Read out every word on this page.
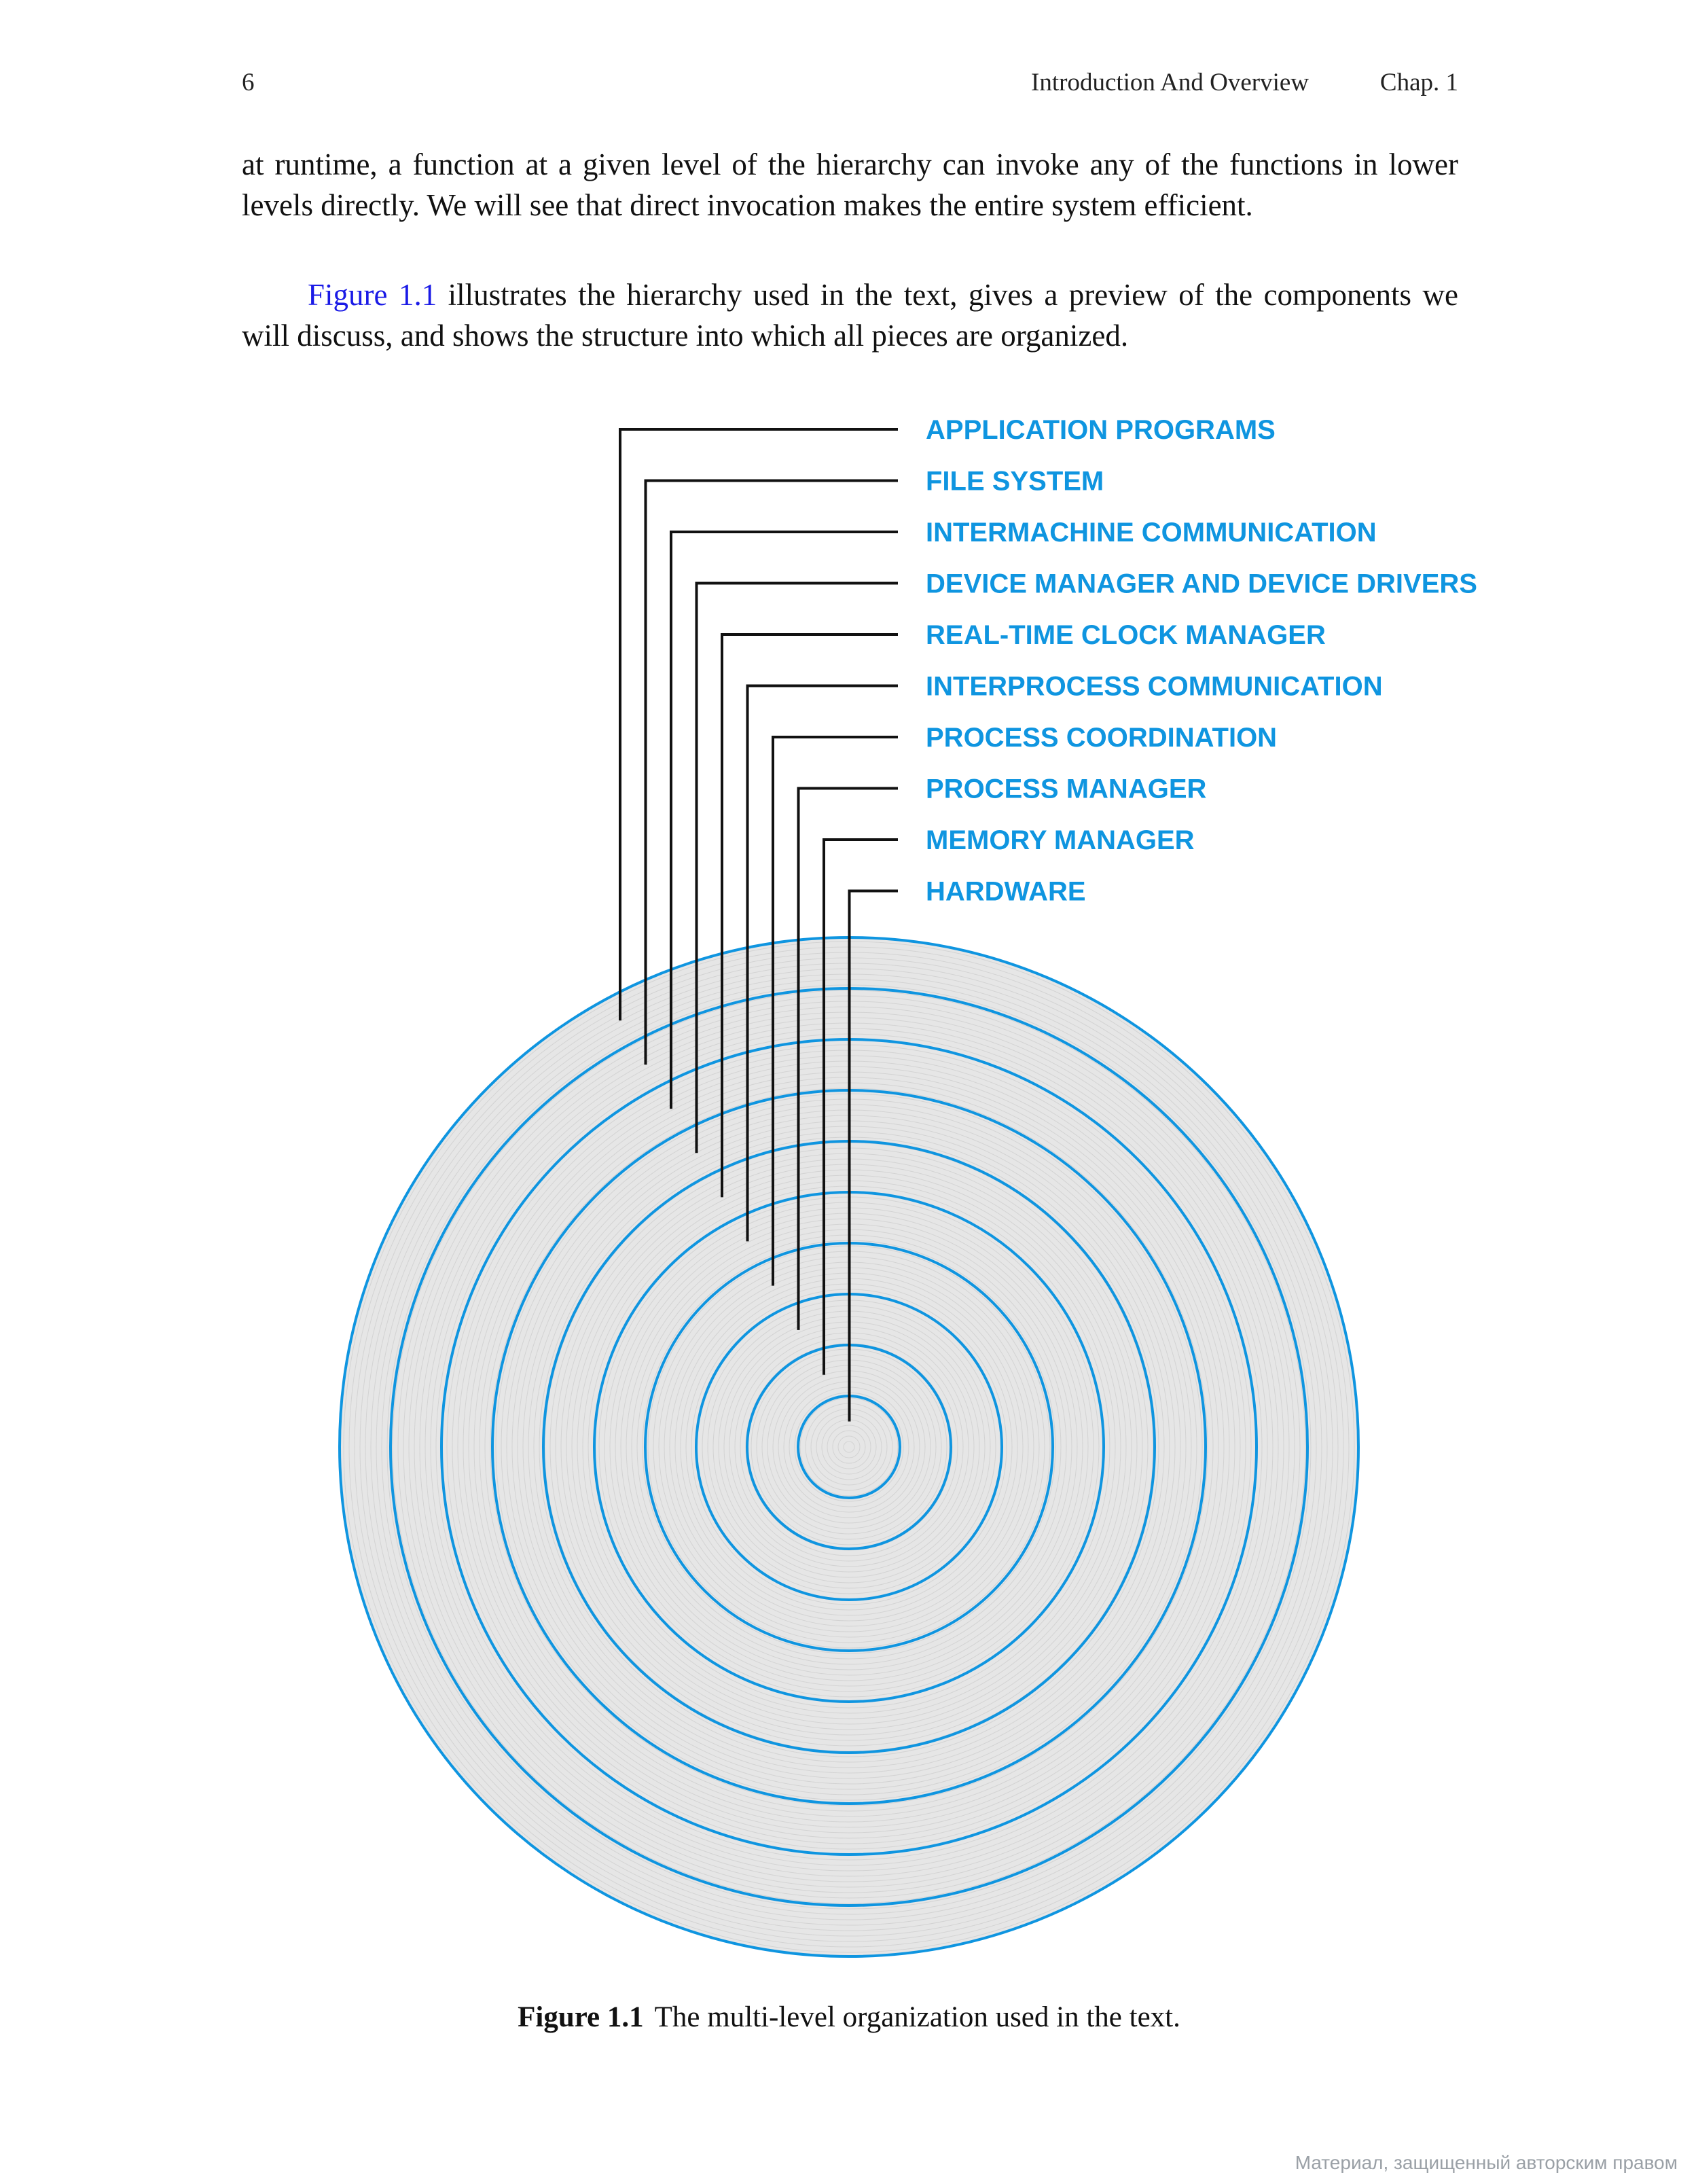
6	Introduction And Overview	Chap. 1

at runtime, a function at a given level of the hierarchy can invoke any of the functions in lower levels directly. We will see that direct invocation makes the entire system efficient.

Figure 1.1 illustrates the hierarchy used in the text, gives a preview of the components we will discuss, and shows the structure into which all pieces are organized.

APPLICATION PROGRAMS
FILE SYSTEM
INTERMACHINE COMMUNICATION
DEVICE MANAGER AND DEVICE DRIVERS
REAL-TIME CLOCK MANAGER
INTERPROCESS COMMUNICATION
PROCESS COORDINATION
PROCESS MANAGER
MEMORY MANAGER
HARDWARE
Figure 1.1 The multi-level organization used in the text.
Материал, защищенный авторским правом
